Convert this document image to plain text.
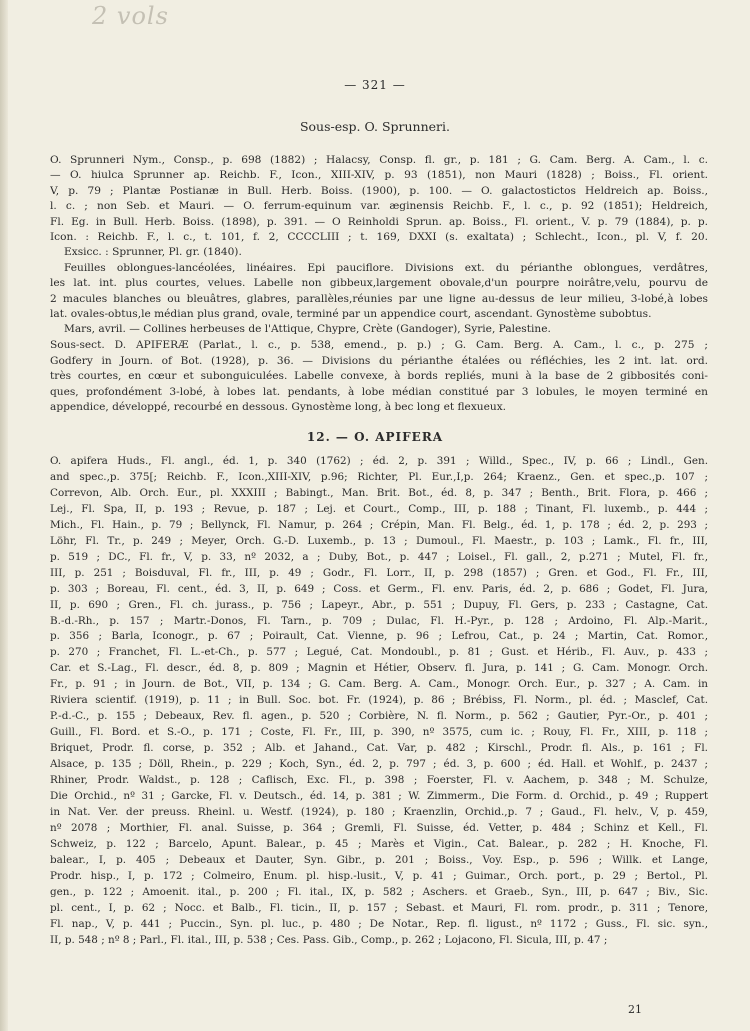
2 vols
— 321 —
Sous-esp. O. Sprunneri.
O. Sprunneri Nym., Consp., p. 698 (1882) ; Halacsy, Consp. fl. gr., p. 181 ; G. Cam. Berg. A. Cam., l. c.
— O. hiulca Sprunner ap. Reichb. F., Icon., XIII-XIV, p. 93 (1851), non Mauri (1828) ; Boiss., Fl. orient.
V, p. 79 ; Plantæ Postianæ in Bull. Herb. Boiss. (1900), p. 100. — O. galactostictos Heldreich ap. Boiss.,
l. c. ; non Seb. et Mauri. — O. ferrum-equinum var. æginensis Reichb. F., l. c., p. 92 (1851); Heldreich,
Fl. Eg. in Bull. Herb. Boiss. (1898), p. 391. — O Reinholdi Sprun. ap. Boiss., Fl. orient., V. p. 79 (1884), p. p.
Icon. : Reichb. F., l. c., t. 101, f. 2, CCCCLIII ; t. 169, DXXI (s. exaltata) ; Schlecht., Icon., pl. V, f. 20.
Exsicc. : Sprunner, Pl. gr. (1840).
Feuilles oblongues-lancéolées, linéaires. Epi pauciflore. Divisions ext. du périanthe oblongues, verdâtres,
les lat. int. plus courtes, velues. Labelle non gibbeux,largement obovale,d'un pourpre noirâtre,velu, pourvu de
2 macules blanches ou bleuâtres, glabres, parallèles,réunies par une ligne au-dessus de leur milieu, 3-lobé,à lobes
lat. ovales-obtus,le médian plus grand, ovale, terminé par un appendice court, ascendant. Gynostème subobtus.
Mars, avril. — Collines herbeuses de l'Attique, Chypre, Crète (Gandoger), Syrie, Palestine.
Sous-sect. D. APIFERÆ (Parlat., l. c., p. 538, emend., p. p.) ; G. Cam. Berg. A. Cam., l. c., p. 275 ;
Godfery in Journ. of Bot. (1928), p. 36. — Divisions du périanthe étalées ou réfléchies, les 2 int. lat. ord.
très courtes, en cœur et subonguiculées. Labelle convexe, à bords repliés, muni à la base de 2 gibbosités coni-
ques, profondément 3-lobé, à lobes lat. pendants, à lobe médian constitué par 3 lobules, le moyen terminé en
appendice, développé, recourbé en dessous. Gynostème long, à bec long et flexueux.
12. — O. APIFERA
O. apifera Huds., Fl. angl., éd. 1, p. 340 (1762) ; éd. 2, p. 391 ; Willd., Spec., IV, p. 66 ; Lindl., Gen.
and spec.,p. 375[; Reichb. F., Icon.,XIII-XIV, p.96; Richter, Pl. Eur.,I,p. 264; Kraenz., Gen. et spec.,p. 107 ;
Correvon, Alb. Orch. Eur., pl. XXXIII ; Babingt., Man. Brit. Bot., éd. 8, p. 347 ; Benth., Brit. Flora, p. 466 ;
Lej., Fl. Spa, II, p. 193 ; Revue, p. 187 ; Lej. et Court., Comp., III, p. 188 ; Tinant, Fl. luxemb., p. 444 ;
Mich., Fl. Hain., p. 79 ; Bellynck, Fl. Namur, p. 264 ; Crépin, Man. Fl. Belg., éd. 1, p. 178 ; éd. 2, p. 293 ;
Löhr, Fl. Tr., p. 249 ; Meyer, Orch. G.-D. Luxemb., p. 13 ; Dumoul., Fl. Maestr., p. 103 ; Lamk., Fl. fr., III,
p. 519 ; DC., Fl. fr., V, p. 33, nº 2032, a ; Duby, Bot., p. 447 ; Loisel., Fl. gall., 2, p.271 ; Mutel, Fl. fr.,
III, p. 251 ; Boisduval, Fl. fr., III, p. 49 ; Godr., Fl. Lorr., II, p. 298 (1857) ; Gren. et God., Fl. Fr., III,
p. 303 ; Boreau, Fl. cent., éd. 3, II, p. 649 ; Coss. et Germ., Fl. env. Paris, éd. 2, p. 686 ; Godet, Fl. Jura,
II, p. 690 ; Gren., Fl. ch. jurass., p. 756 ; Lapeyr., Abr., p. 551 ; Dupuy, Fl. Gers, p. 233 ; Castagne, Cat.
B.-d.-Rh., p. 157 ; Martr.-Donos, Fl. Tarn., p. 709 ; Dulac, Fl. H.-Pyr., p. 128 ; Ardoino, Fl. Alp.-Marit.,
p. 356 ; Barla, Iconogr., p. 67 ; Poirault, Cat. Vienne, p. 96 ; Lefrou, Cat., p. 24 ; Martin, Cat. Romor.,
p. 270 ; Franchet, Fl. L.-et-Ch., p. 577 ; Legué, Cat. Mondoubl., p. 81 ; Gust. et Hérib., Fl. Auv., p. 433 ;
Car. et S.-Lag., Fl. descr., éd. 8, p. 809 ; Magnin et Hétier, Observ. fl. Jura, p. 141 ; G. Cam. Monogr. Orch.
Fr., p. 91 ; in Journ. de Bot., VII, p. 134 ; G. Cam. Berg. A. Cam., Monogr. Orch. Eur., p. 327 ; A. Cam. in
Riviera scientif. (1919), p. 11 ; in Bull. Soc. bot. Fr. (1924), p. 86 ; Brébiss, Fl. Norm., pl. éd. ; Masclef, Cat.
P.-d.-C., p. 155 ; Debeaux, Rev. fl. agen., p. 520 ; Corbière, N. fl. Norm., p. 562 ; Gautier, Pyr.-Or., p. 401 ;
Guill., Fl. Bord. et S.-O., p. 171 ; Coste, Fl. Fr., III, p. 390, nº 3575, cum ic. ; Rouy, Fl. Fr., XIII, p. 118 ;
Briquet, Prodr. fl. corse, p. 352 ; Alb. et Jahand., Cat. Var, p. 482 ; Kirschl., Prodr. fl. Als., p. 161 ; Fl.
Alsace, p. 135 ; Döll, Rhein., p. 229 ; Koch, Syn., éd. 2, p. 797 ; éd. 3, p. 600 ; éd. Hall. et Wohlf., p. 2437 ;
Rhiner, Prodr. Waldst., p. 128 ; Caflisch, Exc. Fl., p. 398 ; Foerster, Fl. v. Aachem, p. 348 ; M. Schulze,
Die Orchid., nº 31 ; Garcke, Fl. v. Deutsch., éd. 14, p. 381 ; W. Zimmerm., Die Form. d. Orchid., p. 49 ; Ruppert
in Nat. Ver. der preuss. Rheinl. u. Westf. (1924), p. 180 ; Kraenzlin, Orchid.,p. 7 ; Gaud., Fl. helv., V, p. 459,
nº 2078 ; Morthier, Fl. anal. Suisse, p. 364 ; Gremli, Fl. Suisse, éd. Vetter, p. 484 ; Schinz et Kell., Fl.
Schweiz, p. 122 ; Barcelo, Apunt. Balear., p. 45 ; Marès et Vigin., Cat. Balear., p. 282 ; H. Knoche, Fl.
balear., I, p. 405 ; Debeaux et Dauter, Syn. Gibr., p. 201 ; Boiss., Voy. Esp., p. 596 ; Willk. et Lange,
Prodr. hisp., I, p. 172 ; Colmeiro, Enum. pl. hisp.-lusit., V, p. 41 ; Guimar., Orch. port., p. 29 ; Bertol., Pl.
gen., p. 122 ; Amoenit. ital., p. 200 ; Fl. ital., IX, p. 582 ; Aschers. et Graeb., Syn., III, p. 647 ; Biv., Sic.
pl. cent., I, p. 62 ; Nocc. et Balb., Fl. ticin., II, p. 157 ; Sebast. et Mauri, Fl. rom. prodr., p. 311 ; Tenore,
Fl. nap., V, p. 441 ; Puccin., Syn. pl. luc., p. 480 ; De Notar., Rep. fl. ligust., nº 1172 ; Guss., Fl. sic. syn.,
II, p. 548 ; nº 8 ; Parl., Fl. ital., III, p. 538 ; Ces. Pass. Gib., Comp., p. 262 ; Lojacono, Fl. Sicula, III, p. 47 ;
21
